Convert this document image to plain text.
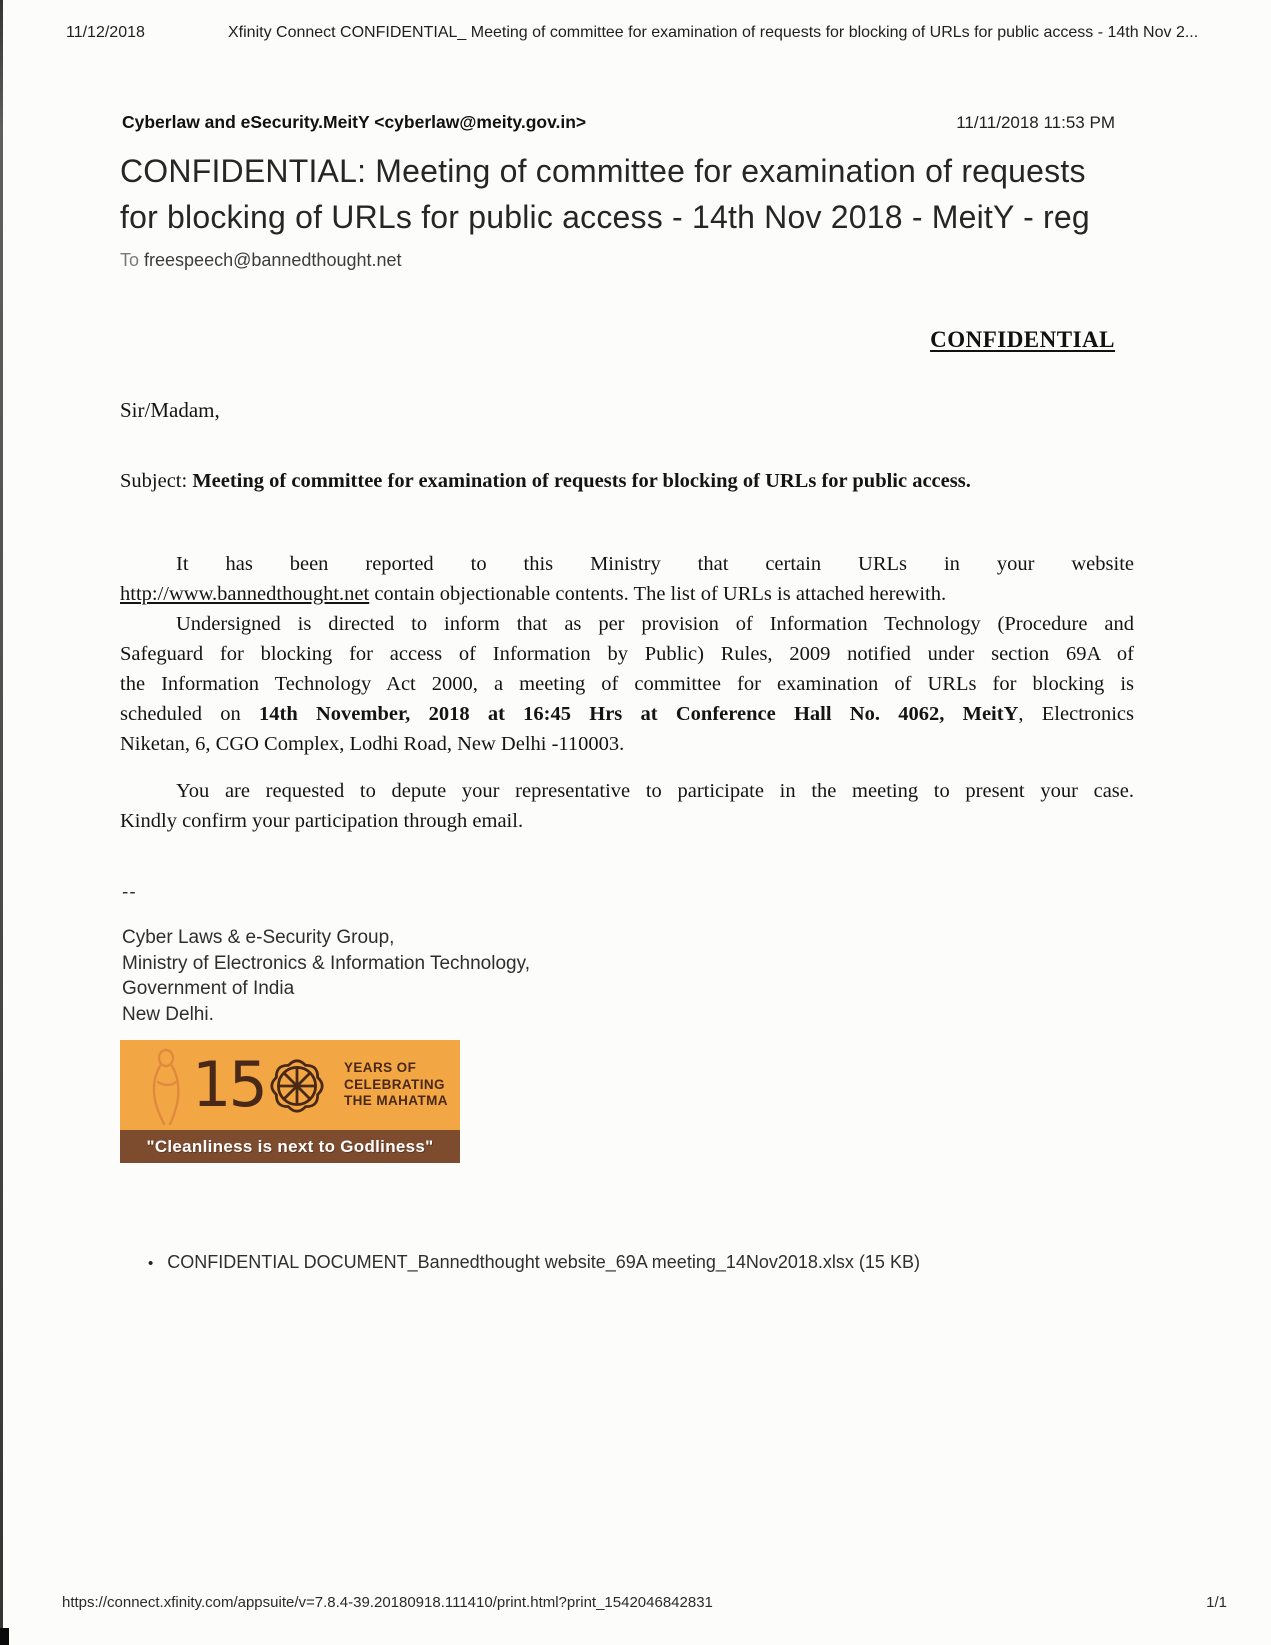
11/12/2018	Xfinity Connect CONFIDENTIAL_ Meeting of committee for examination of requests for blocking of URLs for public access - 14th Nov 2...
Cyberlaw and eSecurity.MeitY <cyberlaw@meity.gov.in>	11/11/2018 11:53 PM
CONFIDENTIAL: Meeting of committee for examination of requests
for blocking of URLs for public access - 14th Nov 2018 - MeitY - reg
To freespeech@bannedthought.net
CONFIDENTIAL
Sir/Madam,
Subject: Meeting of committee for examination of requests for blocking of URLs for public access.
It has been reported to this Ministry that certain URLs in your website
http://www.bannedthought.net contain objectionable contents. The list of URLs is attached herewith.
Undersigned is directed to inform that as per provision of Information Technology (Procedure and
Safeguard for blocking for access of Information by Public) Rules, 2009 notified under section 69A of
the Information Technology Act 2000, a meeting of committee for examination of URLs for blocking is
scheduled on 14th November, 2018 at 16:45 Hrs at Conference Hall No. 4062, MeitY, Electronics
Niketan, 6, CGO Complex, Lodhi Road, New Delhi -110003.
You are requested to depute your representative to participate in the meeting to present your case.
Kindly confirm your participation through email.
--
Cyber Laws & e-Security Group,
Ministry of Electronics & Information Technology,
Government of India
New Delhi.
15	YEARS OF
CELEBRATING
THE MAHATMA
"Cleanliness is next to Godliness"
• CONFIDENTIAL DOCUMENT_Bannedthought website_69A meeting_14Nov2018.xlsx (15 KB)
https://connect.xfinity.com/appsuite/v=7.8.4-39.20180918.111410/print.html?print_1542046842831	1/1
